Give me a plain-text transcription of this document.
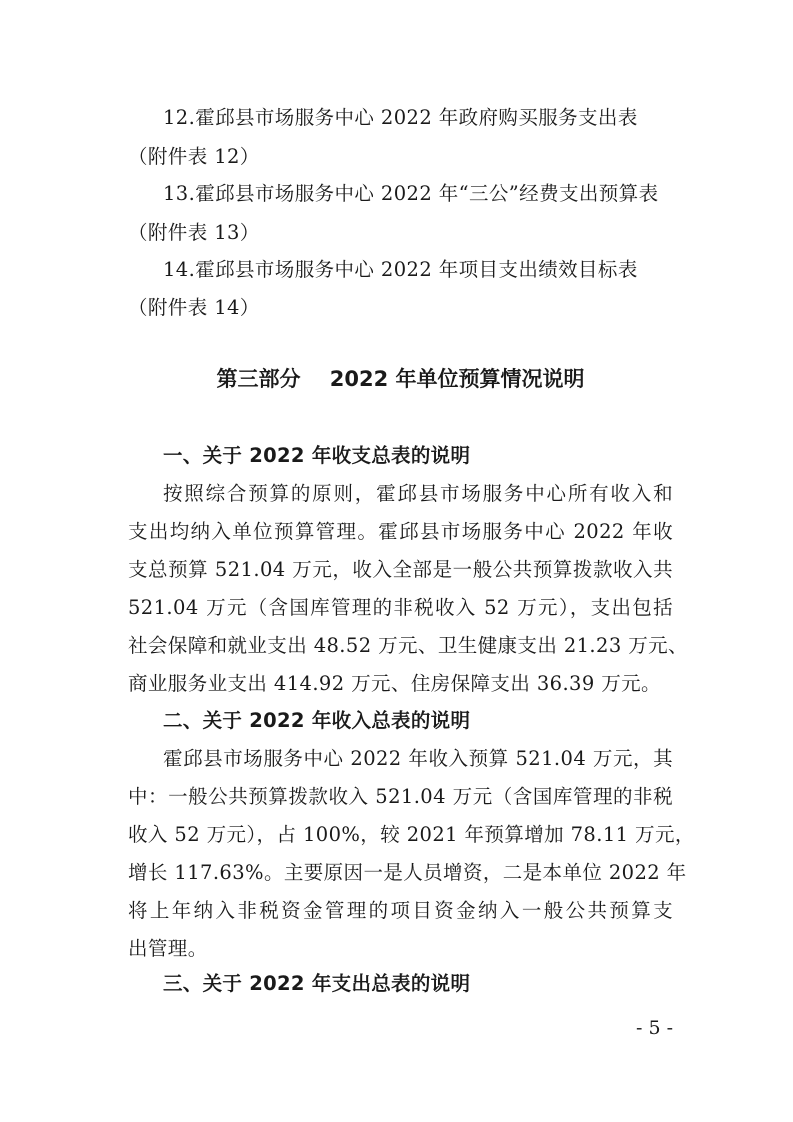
12.霍邱县市场服务中心 2022 年政府购买服务支出表
（附件表 12）
13.霍邱县市场服务中心 2022 年“三公”经费支出预算表
（附件表 13）
14.霍邱县市场服务中心 2022 年项目支出绩效目标表
（附件表 14）
第三部分    2022 年单位预算情况说明
一、关于 2022 年收支总表的说明
按照综合预算的原则，霍邱县市场服务中心所有收入和
支出均纳入单位预算管理。霍邱县市场服务中心 2022 年收
支总预算 521.04 万元，收入全部是一般公共预算拨款收入共
521.04 万元（含国库管理的非税收入 52 万元），支出包括
社会保障和就业支出 48.52 万元、卫生健康支出 21.23 万元、
商业服务业支出 414.92 万元、住房保障支出 36.39 万元。
二、关于 2022 年收入总表的说明
霍邱县市场服务中心 2022 年收入预算 521.04 万元，其
中：一般公共预算拨款收入 521.04 万元（含国库管理的非税
收入 52 万元），占 100%，较 2021 年预算增加 78.11 万元，
增长 117.63%。主要原因一是人员增资，二是本单位 2022 年
将上年纳入非税资金管理的项目资金纳入一般公共预算支
出管理。
三、关于 2022 年支出总表的说明
- 5 -
